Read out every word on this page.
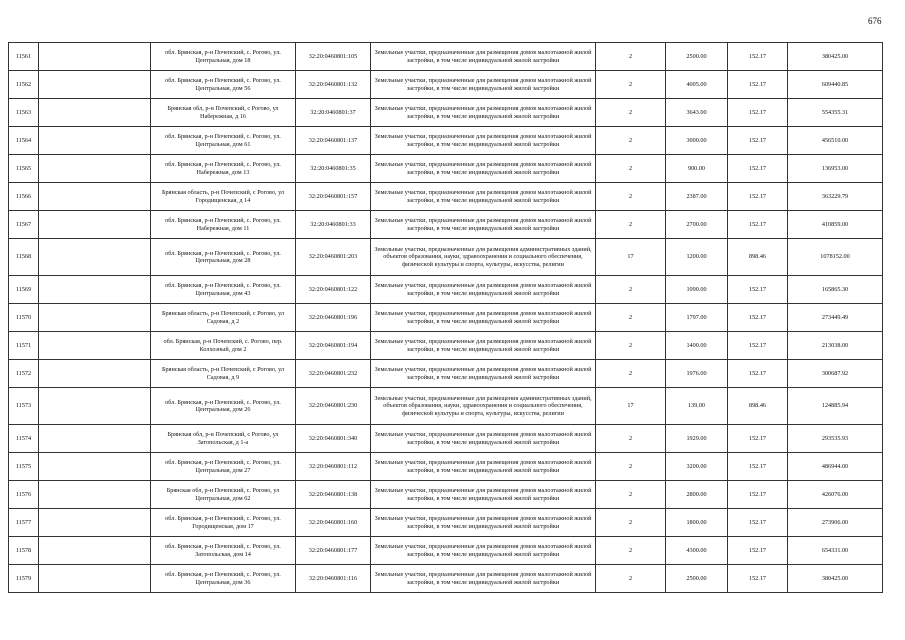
676
11561		обл. Брянская, р-н Почепский, с. Рогово, ул. Центральная, дом 18	32:20:0460801:105	Земельные участки, предназначенные для размещения домов малоэтажной жилой застройки, в том числе индивидуальной жилой застройки	2	2500.00	152.17	380425.00
11562		обл. Брянская, р-н Почепский, с. Рогово, ул. Центральная, дом 56	32:20:0460801:132	Земельные участки, предназначенные для размещения домов малоэтажной жилой застройки, в том числе индивидуальной жилой застройки	2	4005.00	152.17	609440.85
11563		Брянская обл, р-н Почепский, с Рогово, ул Набережная, д 16	32:20:0460801:37	Земельные участки, предназначенные для размещения домов малоэтажной жилой застройки, в том числе индивидуальной жилой застройки	2	3643.00	152.17	554355.31
11564		обл. Брянская, р-н Почепский, с. Рогово, ул. Центральная, дом 61	32:20:0460801:137	Земельные участки, предназначенные для размещения домов малоэтажной жилой застройки, в том числе индивидуальной жилой застройки	2	3000.00	152.17	456510.00
11565		обл. Брянская, р-н Почепский, с. Рогово, ул. Набережная, дом 13	32:20:0460801:35	Земельные участки, предназначенные для размещения домов малоэтажной жилой застройки, в том числе индивидуальной жилой застройки	2	900.00	152.17	136953.00
11566		Брянская область, р-н Почепский, с Рогово, ул Городищенская, д 14	32:20:0460801:157	Земельные участки, предназначенные для размещения домов малоэтажной жилой застройки, в том числе индивидуальной жилой застройки	2	2387.00	152.17	363229.79
11567		обл. Брянская, р-н Почепский, с. Рогово, ул. Набережная, дом 11	32:20:0460801:33	Земельные участки, предназначенные для размещения домов малоэтажной жилой застройки, в том числе индивидуальной жилой застройки	2	2700.00	152.17	410859.00
11568		обл. Брянская, р-н Почепский, с. Рогово, ул. Центральная, дом 28	32:20:0460801:203	Земельные участки, предназначенные для размещения административных зданий, объектов образования, науки, здравоохранения и социального обеспечения, физической культуры и спорта, культуры, искусства, религии	17	1200.00	898.46	1078152.00
11569		обл. Брянская, р-н Почепский, с. Рогово, ул. Центральная, дом 43	32:20:0460801:122	Земельные участки, предназначенные для размещения домов малоэтажной жилой застройки, в том числе индивидуальной жилой застройки	2	1090.00	152.17	165865.30
11570		Брянская область, р-н Почепский, с Рогово, ул Садовая, д 2	32:20:0460801:196	Земельные участки, предназначенные для размещения домов малоэтажной жилой застройки, в том числе индивидуальной жилой застройки	2	1797.00	152.17	273449.49
11571		обл. Брянская, р-н Почепский, с. Рогово, пер. Колхозный, дом 2	32:20:0460801:194	Земельные участки, предназначенные для размещения домов малоэтажной жилой застройки, в том числе индивидуальной жилой застройки	2	1400.00	152.17	213038.00
11572		Брянская область, р-н Почепский, с Рогово, ул Садовая, д 9	32:20:0460801:232	Земельные участки, предназначенные для размещения домов малоэтажной жилой застройки, в том числе индивидуальной жилой застройки	2	1976.00	152.17	300687.92
11573		обл. Брянская, р-н Почепский, с. Рогово, ул. Центральная, дом 26	32:20:0460801:230	Земельные участки, предназначенные для размещения административных зданий, объектов образования, науки, здравоохранения и социального обеспечения, физической культуры и спорта, культуры, искусства, религии	17	139.00	898.46	124885.94
11574		Брянская обл, р-н Почепский, с Рогово, ул Затопольская, д 1-а	32:20:0460801:340	Земельные участки, предназначенные для размещения домов малоэтажной жилой застройки, в том числе индивидуальной жилой застройки	2	1929.00	152.17	293535.93
11575		обл. Брянская, р-н Почепский, с. Рогово, ул. Центральная, дом 27	32:20:0460801:112	Земельные участки, предназначенные для размещения домов малоэтажной жилой застройки, в том числе индивидуальной жилой застройки	2	3200.00	152.17	486944.00
11576		Брянская обл, р-н Почепский, с. Рогово, ул Центральная, дом 62	32:20:0460801:138	Земельные участки, предназначенные для размещения домов малоэтажной жилой застройки, в том числе индивидуальной жилой застройки	2	2800.00	152.17	426076.00
11577		обл. Брянская, р-н Почепский, с. Рогово, ул. Городищенская, дом 17	32:20:0460801:160	Земельные участки, предназначенные для размещения домов малоэтажной жилой застройки, в том числе индивидуальной жилой застройки	2	1800.00	152.17	273906.00
11578		обл. Брянская, р-н Почепский, с. Рогово, ул. Затопольская, дом 14	32:20:0460801:177	Земельные участки, предназначенные для размещения домов малоэтажной жилой застройки, в том числе индивидуальной жилой застройки	2	4300.00	152.17	654331.00
11579		обл. Брянская, р-н Почепский, с. Рогово, ул. Центральная, дом 36	32:20:0460801:116	Земельные участки, предназначенные для размещения домов малоэтажной жилой застройки, в том числе индивидуальной жилой застройки	2	2500.00	152.17	380425.00
